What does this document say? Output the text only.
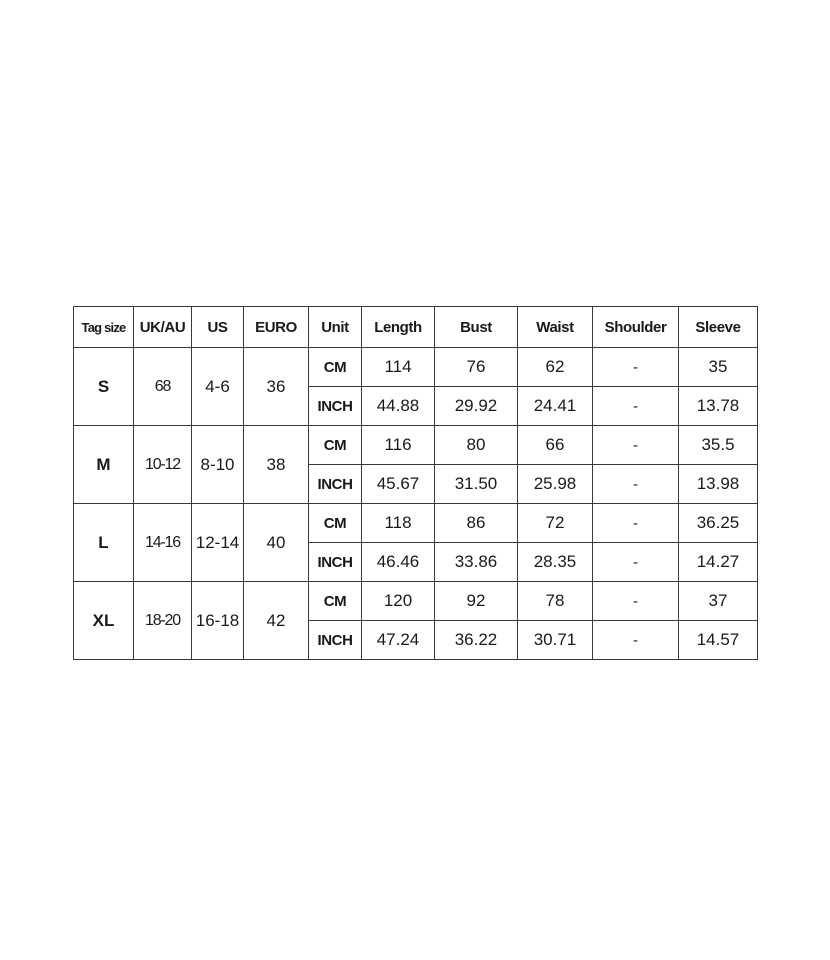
Tag size	UK/AU	US	EURO	Unit	Length	Bust	Waist	Shoulder	Sleeve
S	68	4-6	36	CM	114	76	62	-	35
				INCH	44.88	29.92	24.41	-	13.78
M	10-12	8-10	38	CM	116	80	66	-	35.5
				INCH	45.67	31.50	25.98	-	13.98
L	14-16	12-14	40	CM	118	86	72	-	36.25
				INCH	46.46	33.86	28.35	-	14.27
XL	18-20	16-18	42	CM	120	92	78	-	37
				INCH	47.24	36.22	30.71	-	14.57
